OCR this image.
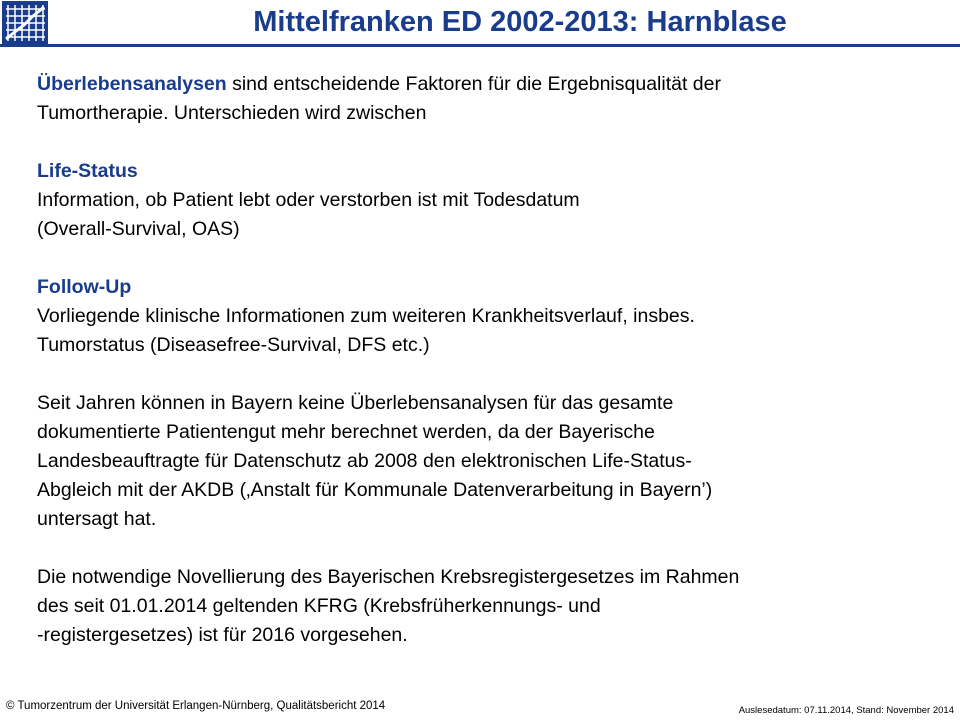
Mittelfranken ED 2002-2013: Harnblase

Überlebensanalysen sind entscheidende Faktoren für die Ergebnisqualität der

Tumortherapie. Unterschieden wird zwischen

Life-Status

Information, ob Patient lebt oder verstorben ist mit Todesdatum

(Overall-Survival, OAS)

Follow-Up

Vorliegende klinische Informationen zum weiteren Krankheitsverlauf, insbes.

Tumorstatus (Diseasefree-Survival, DFS etc.)

Seit Jahren können in Bayern keine Überlebensanalysen für das gesamte

dokumentierte Patientengut mehr berechnet werden, da der Bayerische

Landesbeauftragte für Datenschutz ab 2008 den elektronischen Life-Status-

Abgleich mit der AKDB (‚Anstalt für Kommunale Datenverarbeitung in Bayern’)

untersagt hat.

Die notwendige Novellierung des Bayerischen Krebsregistergesetzes im Rahmen

des seit 01.01.2014 geltenden KFRG (Krebsfrüherkennungs- und

-registergesetzes) ist für 2016 vorgesehen.

© Tumorzentrum der Universität Erlangen-Nürnberg, Qualitätsbericht 2014	Auslesedatum: 07.11.2014, Stand: November 2014
